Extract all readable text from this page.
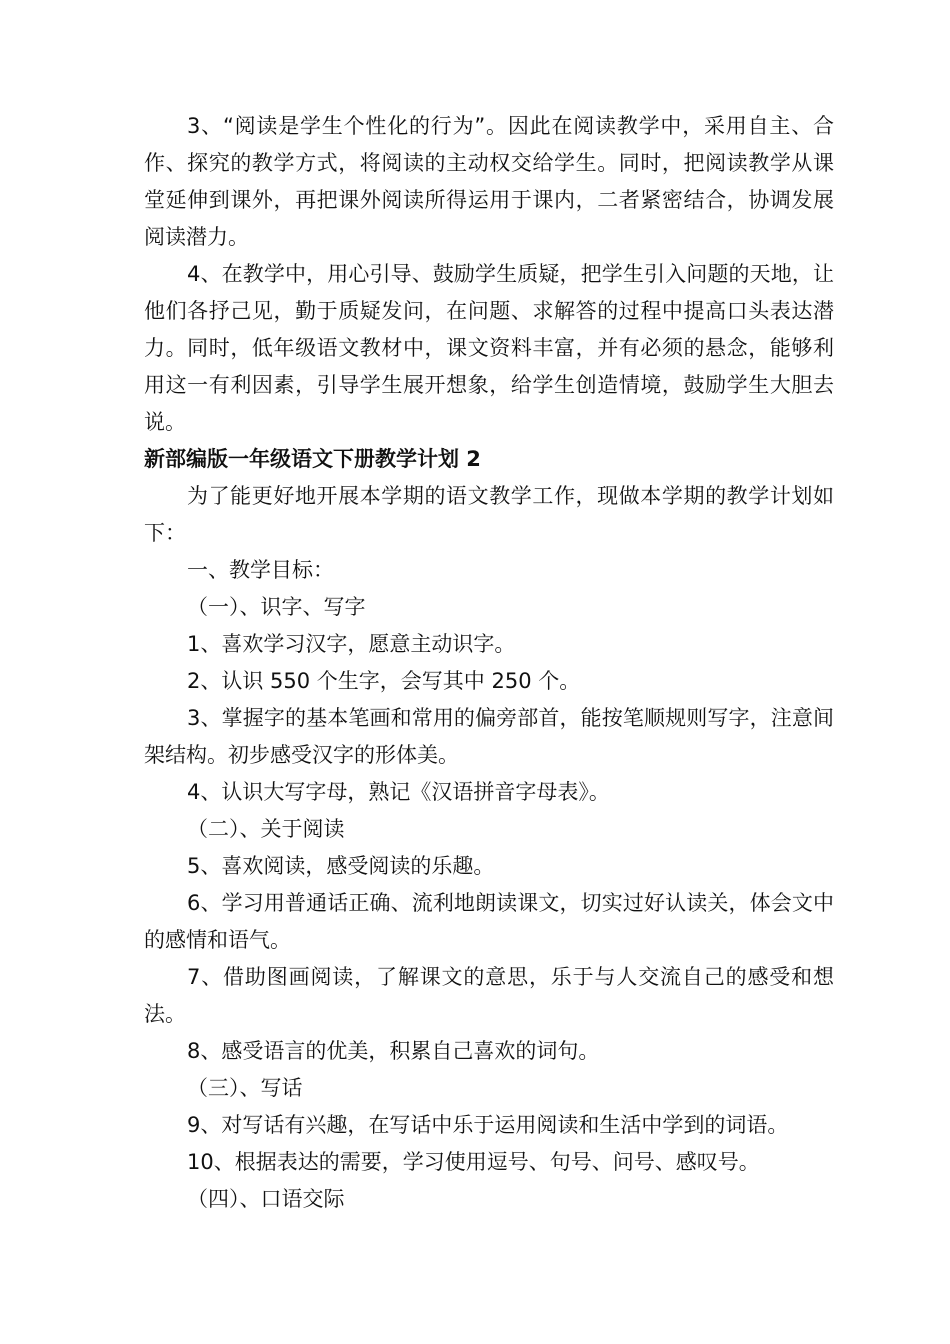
3、“阅读是学生个性化的行为”。因此在阅读教学中，采用自主、合作、探究的教学方式，将阅读的主动权交给学生。同时，把阅读教学从课堂延伸到课外，再把课外阅读所得运用于课内，二者紧密结合，协调发展阅读潜力。

4、在教学中，用心引导、鼓励学生质疑，把学生引入问题的天地，让他们各抒己见，勤于质疑发问，在问题、求解答的过程中提高口头表达潜力。同时，低年级语文教材中，课文资料丰富，并有必须的悬念，能够利用这一有利因素，引导学生展开想象，给学生创造情境，鼓励学生大胆去说。

新部编版一年级语文下册教学计划 2

为了能更好地开展本学期的语文教学工作，现做本学期的教学计划如下：

一、教学目标：

（一）、识字、写字

1、喜欢学习汉字，愿意主动识字。

2、认识 550 个生字，会写其中 250 个。

3、掌握字的基本笔画和常用的偏旁部首，能按笔顺规则写字，注意间架结构。初步感受汉字的形体美。

4、认识大写字母，熟记《汉语拼音字母表》。

（二）、关于阅读

5、喜欢阅读，感受阅读的乐趣。

6、学习用普通话正确、流利地朗读课文，切实过好认读关，体会文中的感情和语气。

7、借助图画阅读，了解课文的意思，乐于与人交流自己的感受和想法。

8、感受语言的优美，积累自己喜欢的词句。

（三）、写话

9、对写话有兴趣，在写话中乐于运用阅读和生活中学到的词语。

10、根据表达的需要，学习使用逗号、句号、问号、感叹号。

（四）、口语交际
